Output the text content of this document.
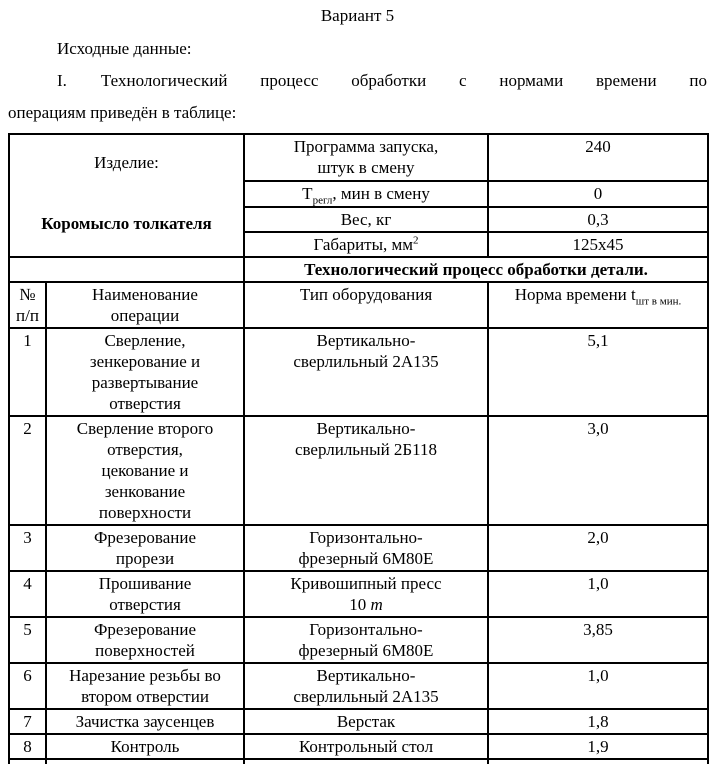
Вариант 5
Исходные данные:
I. Технологический процесс обработки с нормами времени по
операциям приведён в таблице:
Изделие:
Коромысло толкателя
	Программа запуска,
штук в смену	240
		$Т_{регл}$, мин в смену	0
		Вес, кг	0,3
		Габариты, $мм^2$	125x45
		Технологический процесс обработки детали.	
№
п/п	Наименование
операции	Тип оборудования	Норма времени $t_{шт в мин.}$
1	Сверление,
зенкерование и
развертывание
отверстия	Вертикально-
сверлильный 2А135	5,1
2	Сверление второго
отверстия,
цекование и
зенкование
поверхности	Вертикально-
сверлильный 2Б118	3,0
3	Фрезерование
прорези	Горизонтально-
фрезерный 6М80Е	2,0
4	Прошивание
отверстия	Кривошипный пресс
10 m	1,0
5	Фрезерование
поверхностей	Горизонтально-
фрезерный 6М80Е	3,85
6	Нарезание резьбы во
втором отверстии	Вертикально-
сверлильный 2А135	1,0
7	Зачистка заусенцев	Верстак	1,8
8	Контроль	Контрольный стол	1,9
